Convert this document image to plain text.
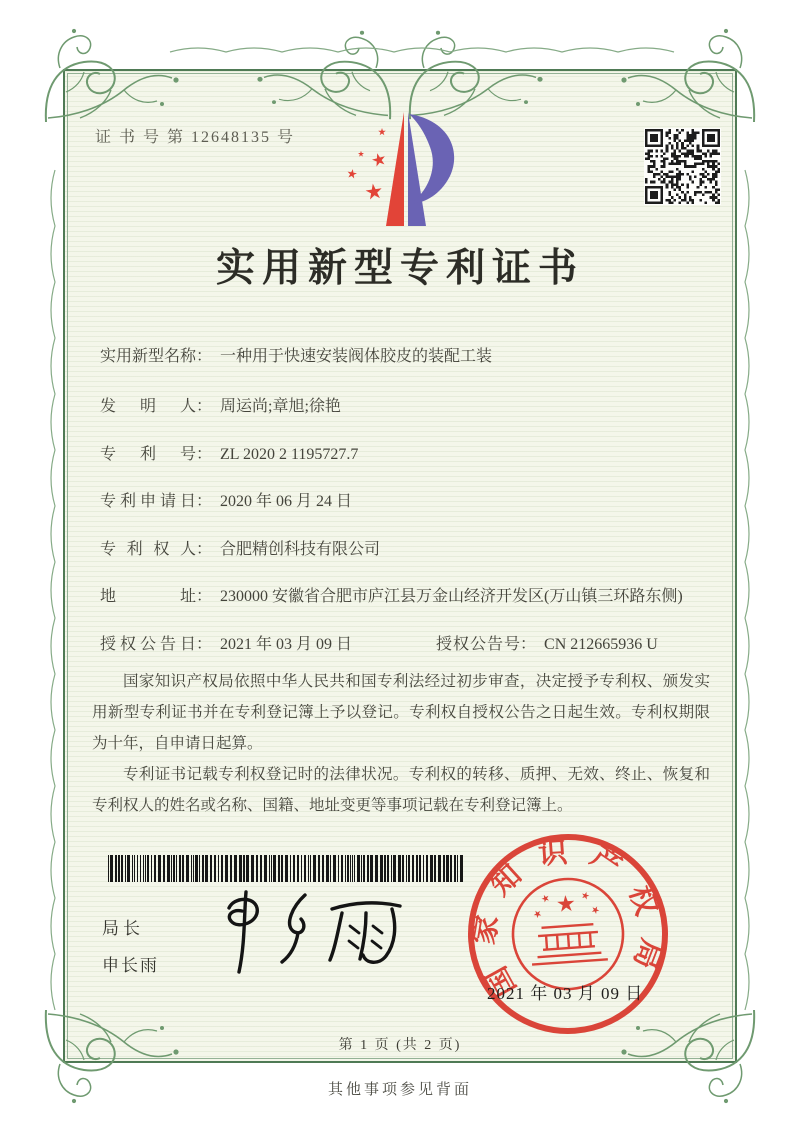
证 书 号 第 12648135 号
实用新型专利证书
实用新型名称 ： 一种用于快速安装阀体胶皮的装配工装
发明人 ： 周运尚;章旭;徐艳
专利号 ： ZL 2020 2 1195727.7
专利申请日 ： 2020 年 06 月 24 日
专利权人 ： 合肥精创科技有限公司
地址 ： 230000 安徽省合肥市庐江县万金山经济开发区(万山镇三环路东侧)
授权公告日 ： 2021 年 03 月 09 日	授权公告号 ： CN 212665936 U

国家知识产权局依照中华人民共和国专利法经过初步审查，决定授予专利权、颁发实用新型专利证书并在专利登记簿上予以登记。专利权自授权公告之日起生效。专利权期限为十年，自申请日起算。

专利证书记载专利权登记时的法律状况。专利权的转移、质押、无效、终止、恢复和专利权人的姓名或名称、国籍、地址变更等事项记载在专利登记簿上。

局长
申长雨	国家知识产权局
2021 年 03 月 09 日
第 1 页 (共 2 页)
其他事项参见背面
